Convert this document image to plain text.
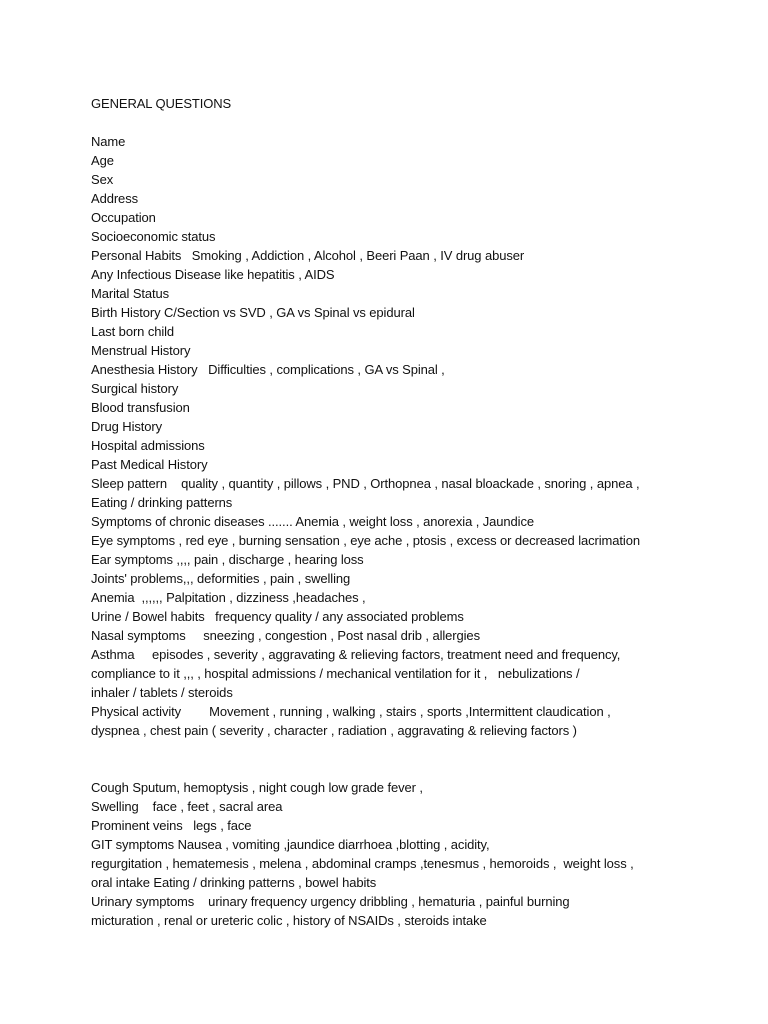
GENERAL QUESTIONS
Name
Age
Sex
Address
Occupation
Socioeconomic status
Personal Habits   Smoking , Addiction , Alcohol , Beeri Paan , IV drug abuser
Any Infectious Disease like hepatitis , AIDS
Marital Status
Birth History C/Section vs SVD , GA vs Spinal vs epidural
Last born child
Menstrual History
Anesthesia History   Difficulties , complications , GA vs Spinal ,
Surgical history
Blood transfusion
Drug History
Hospital admissions
Past Medical History
Sleep pattern    quality , quantity , pillows , PND , Orthopnea , nasal bloackade , snoring , apnea ,
Eating / drinking patterns
Symptoms of chronic diseases ....... Anemia , weight loss , anorexia , Jaundice
Eye symptoms , red eye , burning sensation , eye ache , ptosis , excess or decreased lacrimation
Ear symptoms ,,,, pain , discharge , hearing loss
Joints' problems,,, deformities , pain , swelling
Anemia  ,,,,,, Palpitation , dizziness ,headaches ,
Urine / Bowel habits   frequency quality / any associated problems
Nasal symptoms     sneezing , congestion , Post nasal drib , allergies
Asthma     episodes , severity , aggravating & relieving factors, treatment need and frequency,
compliance to it ,,, , hospital admissions / mechanical ventilation for it ,   nebulizations /
inhaler / tablets / steroids
Physical activity        Movement , running , walking , stairs , sports ,Intermittent claudication ,
dyspnea , chest pain ( severity , character , radiation , aggravating & relieving factors )
Cough Sputum, hemoptysis , night cough low grade fever ,
Swelling    face , feet , sacral area
Prominent veins   legs , face
GIT symptoms Nausea , vomiting ,jaundice diarrhoea ,blotting , acidity,
regurgitation , hematemesis , melena , abdominal cramps ,tenesmus , hemoroids ,  weight loss ,
oral intake Eating / drinking patterns , bowel habits
Urinary symptoms    urinary frequency urgency dribbling , hematuria , painful burning
micturation , renal or ureteric colic , history of NSAIDs , steroids intake
